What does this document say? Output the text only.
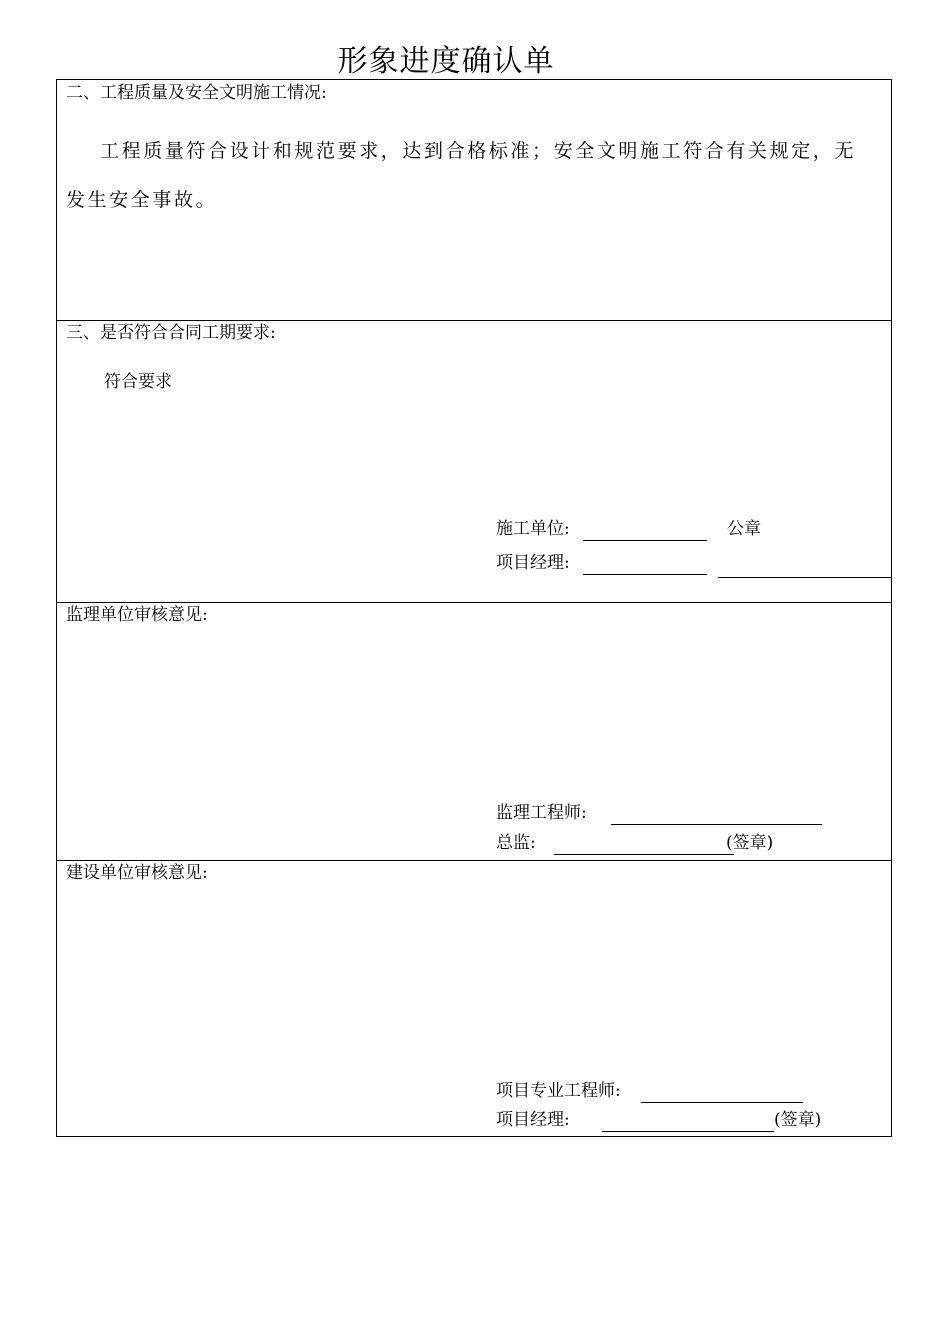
形象进度确认单
二、工程质量及安全文明施工情况:
工程质量符合设计和规范要求，达到合格标准；安全文明施工符合有关规定，无
发生安全事故。
三、是否符合合同工期要求:
符合要求
施工单位:	公章
项目经理:
监理单位审核意见:
监理工程师:
总监:	(签章)
建设单位审核意见:
项目专业工程师:
项目经理:	(签章)
